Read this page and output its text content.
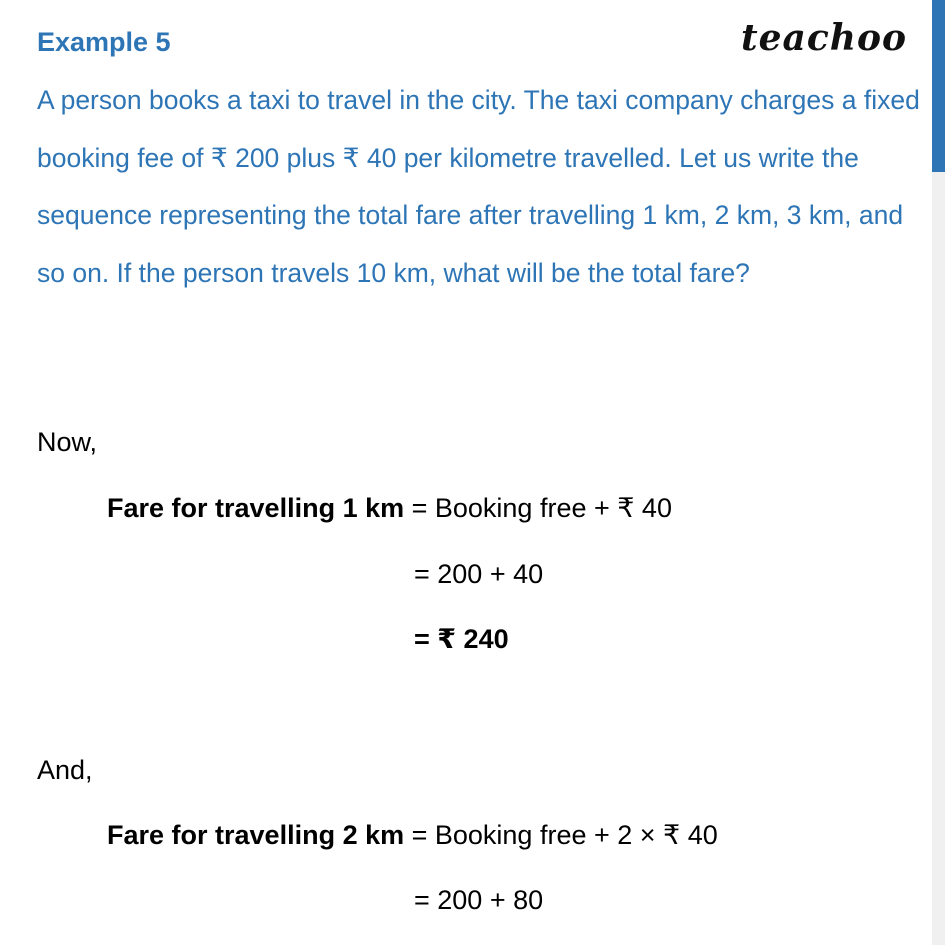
Example 5	teachoo

A person books a taxi to travel in the city. The taxi company charges a fixed booking fee of ₹ 200 plus ₹ 40 per kilometre travelled. Let us write the sequence representing the total fare after travelling 1 km, 2 km, 3 km, and so on. If the person travels 10 km, what will be the total fare?

Now,
Fare for travelling 1 km = Booking free + ₹ 40
= 200 + 40
= ₹ 240
And,
Fare for travelling 2 km = Booking free + 2 × ₹ 40
= 200 + 80
